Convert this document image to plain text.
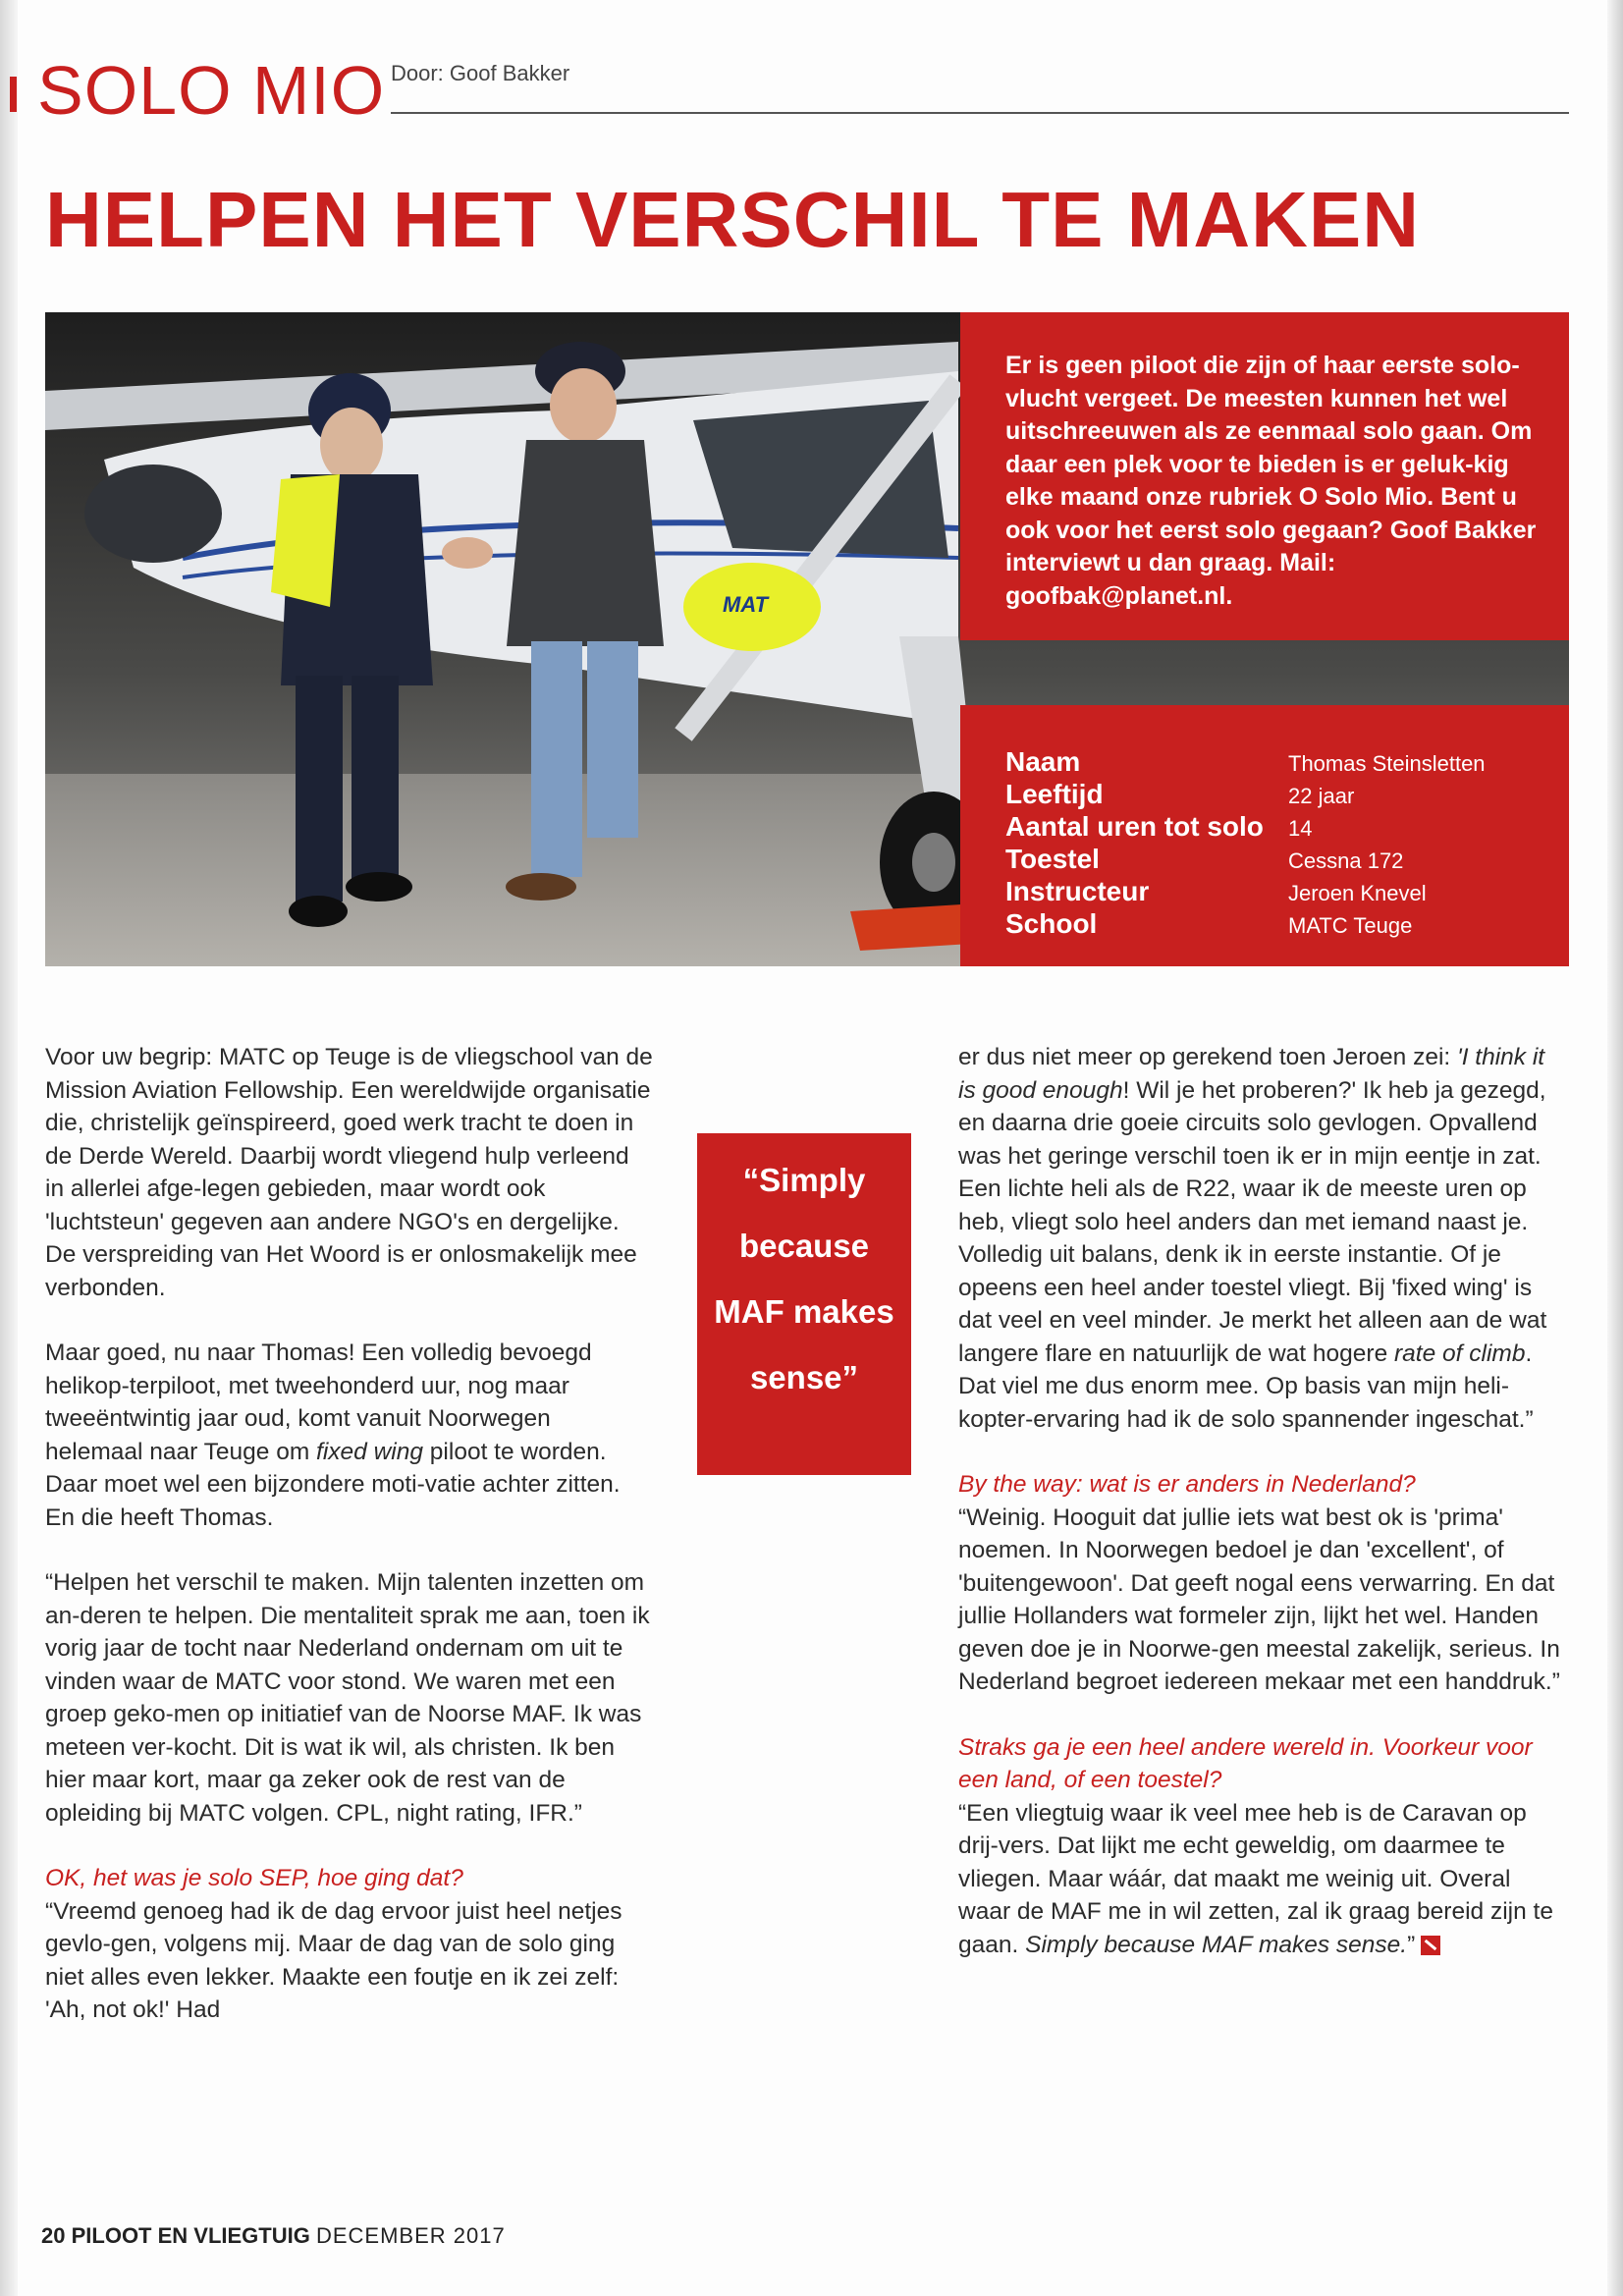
SOLO MIO Door: Goof Bakker
HELPEN HET VERSCHIL TE MAKEN
MAT

Er is geen piloot die zijn of haar eerste solo-vlucht vergeet. De meesten kunnen het wel uitschreeuwen als ze eenmaal solo gaan. Om daar een plek voor te bieden is er geluk-kig elke maand onze rubriek O Solo Mio. Bent u ook voor het eerst solo gegaan? Goof Bakker interviewt u dan graag. Mail: goofbak@planet.nl.

Naam	Thomas Steinsletten
Leeftijd	22 jaar
Aantal uren tot solo	14
Toestel	Cessna 172
Instructeur	Jeroen Knevel
School	MATC Teuge

Voor uw begrip: MATC op Teuge is de vliegschool van de Mission Aviation Fellowship. Een wereldwijde organisatie die, christelijk geïnspireerd, goed werk tracht te doen in de Derde Wereld. Daarbij wordt vliegend hulp verleend in allerlei afge-legen gebieden, maar wordt ook 'luchtsteun' gegeven aan andere NGO's en dergelijke. De verspreiding van Het Woord is er onlosmakelijk mee verbonden.

Maar goed, nu naar Thomas! Een volledig bevoegd helikop-terpiloot, met tweehonderd uur, nog maar tweeëntwintig jaar oud, komt vanuit Noorwegen helemaal naar Teuge om fixed wing piloot te worden. Daar moet wel een bijzondere moti-vatie achter zitten. En die heeft Thomas.

“Helpen het verschil te maken. Mijn talenten inzetten om an-deren te helpen. Die mentaliteit sprak me aan, toen ik vorig jaar de tocht naar Nederland ondernam om uit te vinden waar de MATC voor stond. We waren met een groep geko-men op initiatief van de Noorse MAF. Ik was meteen ver-kocht. Dit is wat ik wil, als christen. Ik ben hier maar kort, maar ga zeker ook de rest van de opleiding bij MATC volgen. CPL, night rating, IFR.”

OK, het was je solo SEP, hoe ging dat?

“Vreemd genoeg had ik de dag ervoor juist heel netjes gevlo-gen, volgens mij. Maar de dag van de solo ging niet alles even lekker. Maakte een foutje en ik zei zelf: 'Ah, not ok!' Had

“Simply
because
MAF makes
sense”

er dus niet meer op gerekend toen Jeroen zei: 'I think it is good enough! Wil je het proberen?' Ik heb ja gezegd, en daarna drie goeie circuits solo gevlogen. Opvallend was het geringe verschil toen ik er in mijn eentje in zat. Een lichte heli als de R22, waar ik de meeste uren op heb, vliegt solo heel anders dan met iemand naast je. Volledig uit balans, denk ik in eerste instantie. Of je opeens een heel ander toestel vliegt. Bij 'fixed wing' is dat veel en veel minder. Je merkt het alleen aan de wat langere flare en natuurlijk de wat hogere rate of climb. Dat viel me dus enorm mee. Op basis van mijn heli-kopter-ervaring had ik de solo spannender ingeschat.”

By the way: wat is er anders in Nederland?

“Weinig. Hooguit dat jullie iets wat best ok is 'prima' noemen. In Noorwegen bedoel je dan 'excellent', of 'buitengewoon'. Dat geeft nogal eens verwarring. En dat jullie Hollanders wat formeler zijn, lijkt het wel. Handen geven doe je in Noorwe-gen meestal zakelijk, serieus. In Nederland begroet iedereen mekaar met een handdruk.”

Straks ga je een heel andere wereld in. Voorkeur voor een land, of een toestel?

“Een vliegtuig waar ik veel mee heb is de Caravan op drij-vers. Dat lijkt me echt geweldig, om daarmee te vliegen. Maar wáár, dat maakt me weinig uit. Overal waar de MAF me in wil zetten, zal ik graag bereid zijn te gaan. Simply because MAF makes sense.”

20 PILOOT EN VLIEGTUIG DECEMBER 2017
